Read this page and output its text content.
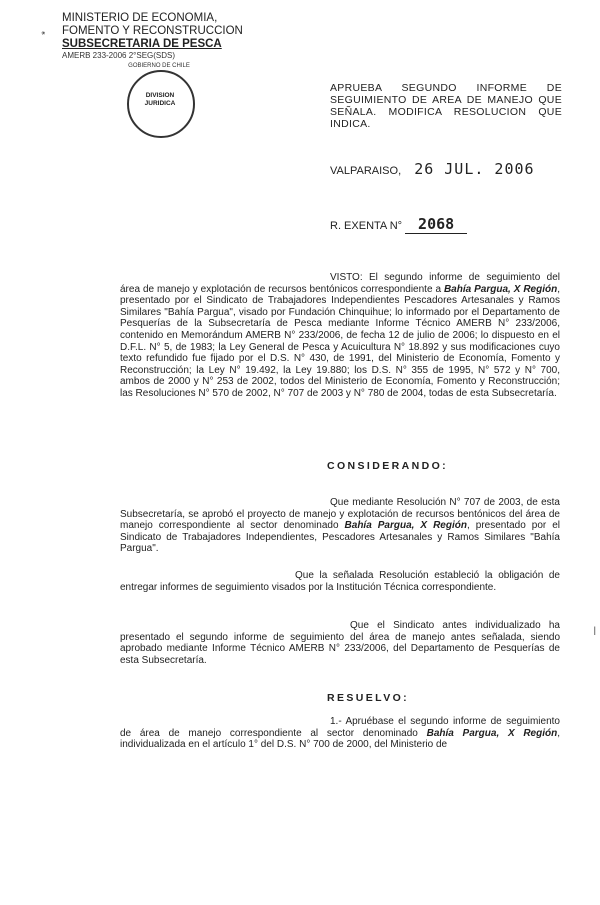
*
MINISTERIO DE ECONOMIA,
FOMENTO Y RECONSTRUCCION
SUBSECRETARIA DE PESCA
AMERB 233-2006 2°SEG(SDS)
GOBIERNO DE CHILE
DIVISION
JURIDICA
APRUEBA SEGUNDO INFORME DE SEGUIMIENTO DE AREA DE MANEJO QUE SEÑALA. MODIFICA RESOLUCION QUE INDICA.
VALPARAISO, 26 JUL. 2006
R. EXENTA N° 2068
VISTO: El segundo informe de seguimiento del área de manejo y explotación de recursos bentónicos correspondiente a Bahía Pargua, X Región, presentado por el Sindicato de Trabajadores Independientes Pescadores Artesanales y Ramos Similares "Bahía Pargua", visado por Fundación Chinquihue; lo informado por el Departamento de Pesquerías de la Subsecretaría de Pesca mediante Informe Técnico AMERB N° 233/2006, contenido en Memorándum AMERB N° 233/2006, de fecha 12 de julio de 2006; lo dispuesto en el D.F.L. N° 5, de 1983; la Ley General de Pesca y Acuicultura N° 18.892 y sus modificaciones cuyo texto refundido fue fijado por el D.S. N° 430, de 1991, del Ministerio de Economía, Fomento y Reconstrucción; la Ley N° 19.492, la Ley 19.880; los D.S. N° 355 de 1995, N° 572 y N° 700, ambos de 2000 y N° 253 de 2002, todos del Ministerio de Economía, Fomento y Reconstrucción; las Resoluciones N° 570 de 2002, N° 707 de 2003 y N° 780 de 2004, todas de esta Subsecretaría.
CONSIDERANDO:
Que mediante Resolución N° 707 de 2003, de esta Subsecretaría, se aprobó el proyecto de manejo y explotación de recursos bentónicos del área de manejo correspondiente al sector denominado Bahía Pargua, X Región, presentado por el Sindicato de Trabajadores Independientes, Pescadores Artesanales y Ramos Similares "Bahía Pargua".
Que la señalada Resolución estableció la obligación de entregar informes de seguimiento visados por la Institución Técnica correspondiente.
Que el Sindicato antes individualizado ha presentado el segundo informe de seguimiento del área de manejo antes señalada, siendo aprobado mediante Informe Técnico AMERB N° 233/2006, del Departamento de Pesquerías de esta Subsecretaría.
RESUELVO:
1.- Apruébase el segundo informe de seguimiento de área de manejo correspondiente al sector denominado Bahía Pargua, X Región, individualizada en el artículo 1° del D.S. N° 700 de 2000, del Ministerio de
|
